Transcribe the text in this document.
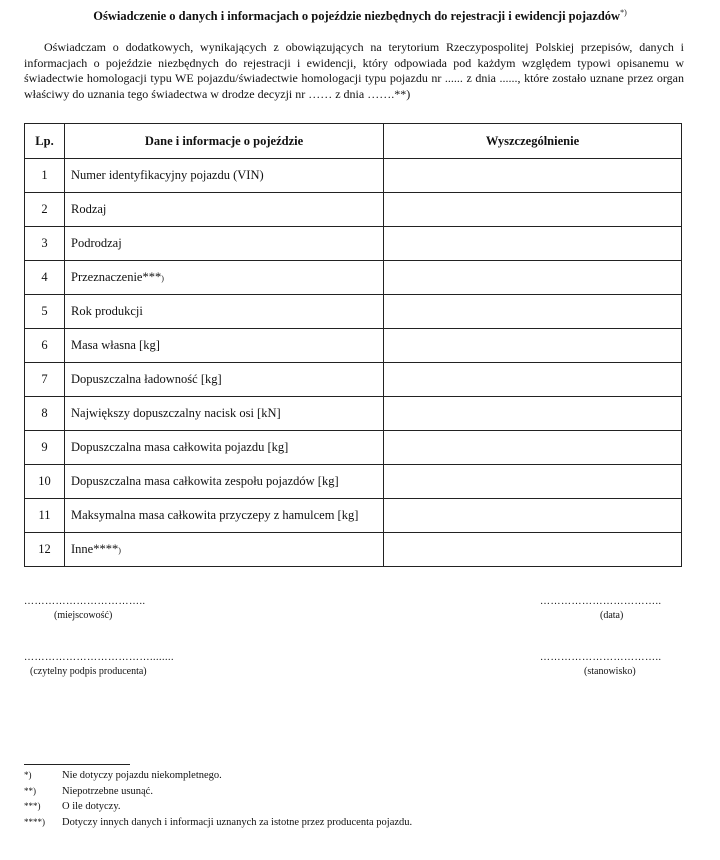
Oświadczenie o danych i informacjach o pojeździe niezbędnych do rejestracji i ewidencji pojazdów*)
Oświadczam o dodatkowych, wynikających z obowiązujących na terytorium Rzeczypospolitej Polskiej przepisów, danych i informacjach o pojeździe niezbędnych do rejestracji i ewidencji, który odpowiada pod każdym względem typowi opisanemu w świadectwie homologacji typu WE pojazdu/świadectwie homologacji typu pojazdu nr ...... z dnia ......, które zostało uznane przez organ właściwy do uznania tego świadectwa w drodze decyzji nr …… z dnia …….**)
Lp.	Dane i informacje o pojeździe	Wyszczególnienie
1	Numer identyfikacyjny pojazdu (VIN)	
2	Rodzaj	
3	Podrodzaj	
4	Przeznaczenie***)	
5	Rok produkcji	
6	Masa własna [kg]	
7	Dopuszczalna ładowność [kg]	
8	Największy dopuszczalny nacisk osi [kN]	
9	Dopuszczalna masa całkowita pojazdu [kg]	
10	Dopuszczalna masa całkowita zespołu pojazdów [kg]	
11	Maksymalna masa całkowita przyczepy z hamulcem [kg]	
12	Inne****)	
……………………………..
(miejscowość)
……………………………..
(data)
………………………………........
(czytelny podpis producenta)
……………………………..
(stanowisko)
*)	Nie dotyczy pojazdu niekompletnego.
**)	Niepotrzebne usunąć.
***)	O ile dotyczy.
****)	Dotyczy innych danych i informacji uznanych za istotne przez producenta pojazdu.
